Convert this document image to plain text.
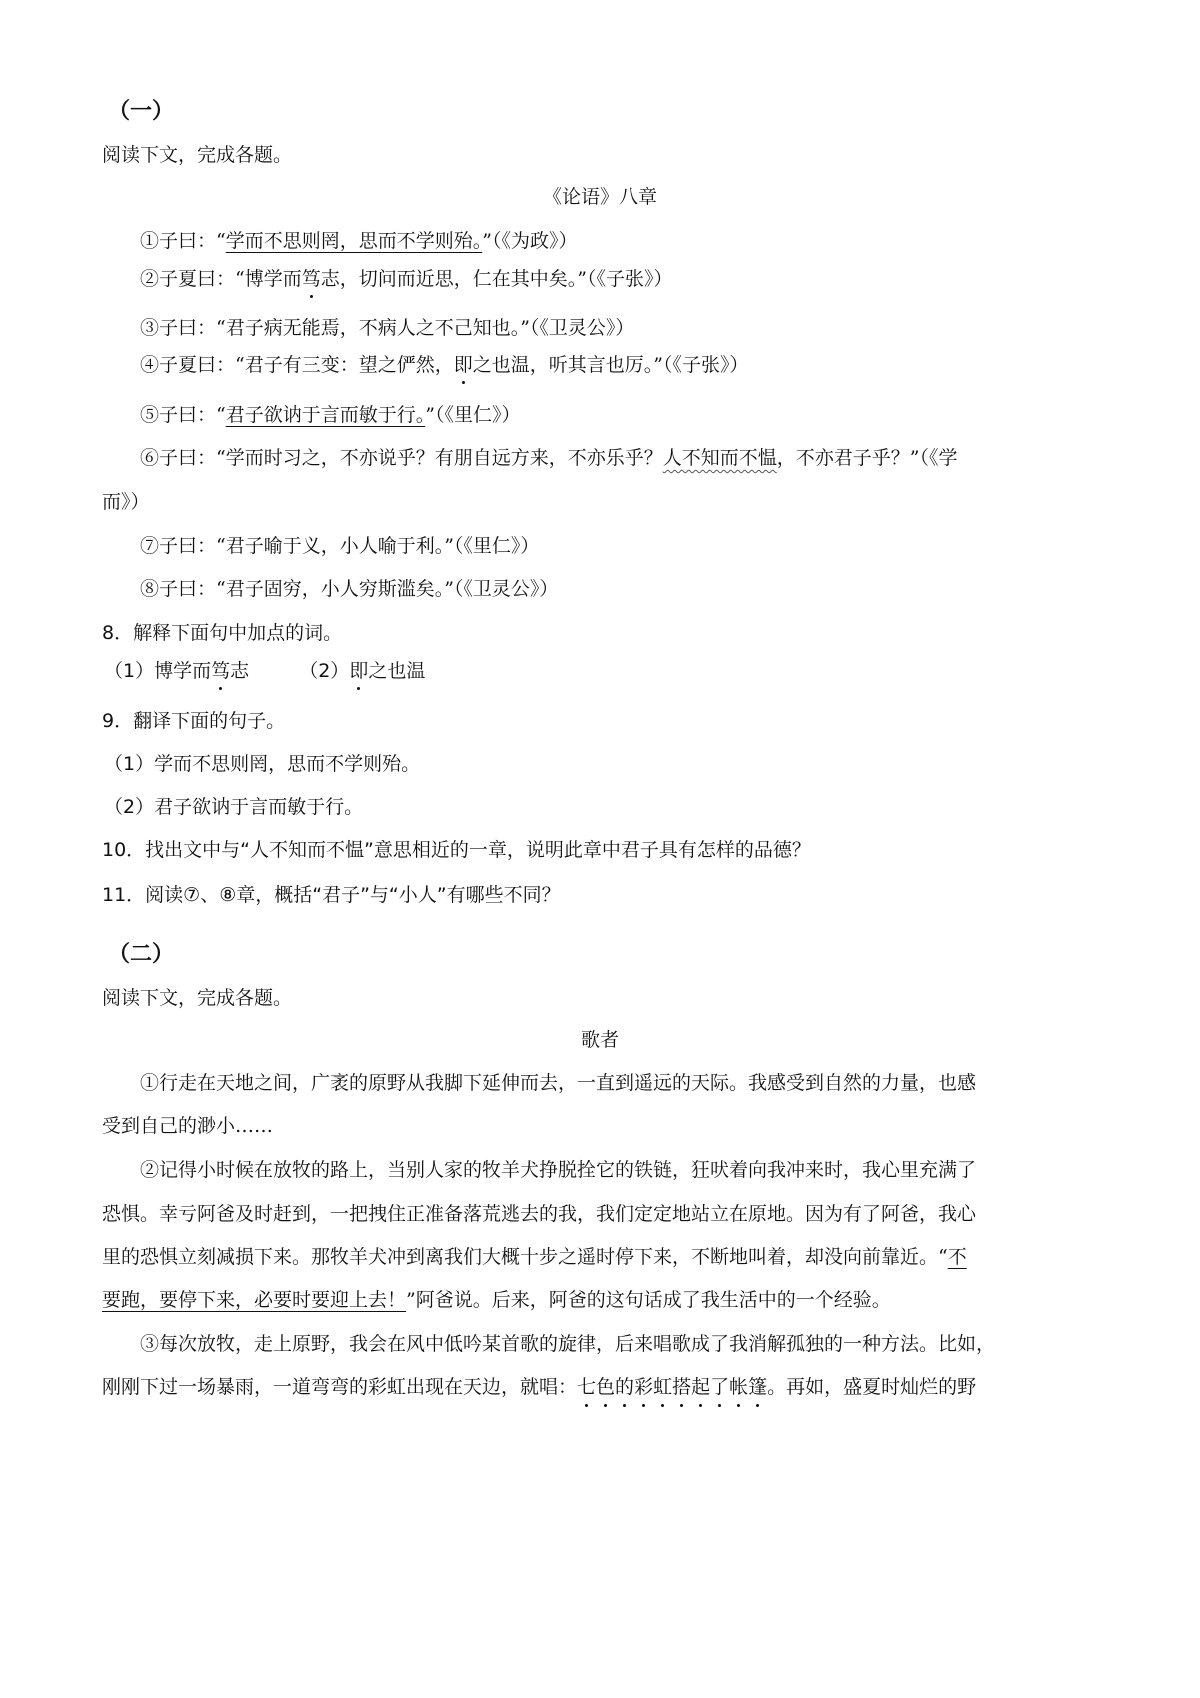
（一）
阅读下文，完成各题。
《论语》八章
①子曰：“学而不思则罔，思而不学则殆。”（《为政》）
②子夏曰：“博学而笃志，切问而近思，仁在其中矣。”（《子张》）
③子曰：“君子病无能焉，不病人之不己知也。”（《卫灵公》）
④子夏曰：“君子有三变：望之俨然，即之也温，听其言也厉。”（《子张》）
⑤子曰：“君子欲讷于言而敏于行。”（《里仁》）
⑥子曰：“学而时习之，不亦说乎？有朋自远方来，不亦乐乎？人不知而不愠，不亦君子乎？”（《学
而》）
⑦子曰：“君子喻于义，小人喻于利。”（《里仁》）
⑧子曰：“君子固穷，小人穷斯滥矣。”（《卫灵公》）
8．解释下面句中加点的词。
（1）博学而笃志	（2）即之也温
9．翻译下面的句子。
（1）学而不思则罔，思而不学则殆。
（2）君子欲讷于言而敏于行。
10．找出文中与“人不知而不愠”意思相近的一章，说明此章中君子具有怎样的品德？
11．阅读⑦、⑧章，概括“君子”与“小人”有哪些不同？
（二）
阅读下文，完成各题。
歌者
①行走在天地之间，广袤的原野从我脚下延伸而去，一直到遥远的天际。我感受到自然的力量，也感
受到自己的渺小……
②记得小时候在放牧的路上，当别人家的牧羊犬挣脱拴它的铁链，狂吠着向我冲来时，我心里充满了
恐惧。幸亏阿爸及时赶到，一把拽住正准备落荒逃去的我，我们定定地站立在原地。因为有了阿爸，我心
里的恐惧立刻减损下来。那牧羊犬冲到离我们大概十步之遥时停下来，不断地叫着，却没向前靠近。“不
要跑，要停下来，必要时要迎上去！”阿爸说。后来，阿爸的这句话成了我生活中的一个经验。
③每次放牧，走上原野，我会在风中低吟某首歌的旋律，后来唱歌成了我消解孤独的一种方法。比如，
刚刚下过一场暴雨，一道弯弯的彩虹出现在天边，就唱：七色的彩虹搭起了帐篷。再如，盛夏时灿烂的野
